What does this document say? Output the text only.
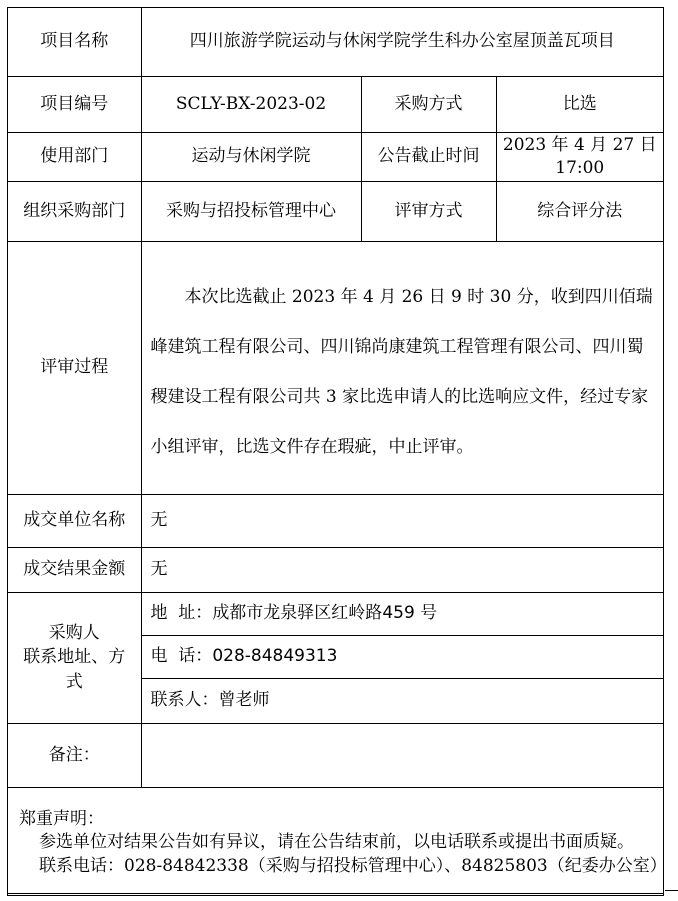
项目名称	四川旅游学院运动与休闲学院学生科办公室屋顶盖瓦项目		
项目编号	SCLY-BX-2023-02	采购方式	比选
使用部门	运动与休闲学院	公告截止时间	2023 年 4 月 27 日
17:00

组织采购部门	采购与招投标管理中心	评审方式	综合评分法
评审过程	本次比选截止 2023 年 4 月 26 日 9 时 30 分，收到四川佰瑞峰建筑工程有限公司、四川锦尚康建筑工程管理有限公司、四川蜀稷建设工程有限公司共 3 家比选申请人的比选响应文件，经过专家小组评审，比选文件存在瑕疵，中止评审。		
成交单位名称	无		
成交结果金额	无		

采购人
联系地址、方
式	地  址：成都市龙泉驿区红岭路459 号		
	电  话：028-84849313		
	联系人：曾老师		
备注：			

郑重声明：
参选单位对结果公告如有异议，请在公告结束前，以电话联系或提出书面质疑。
联系电话：028-84842338（采购与招投标管理中心）、84825803（纪委办公室）			
